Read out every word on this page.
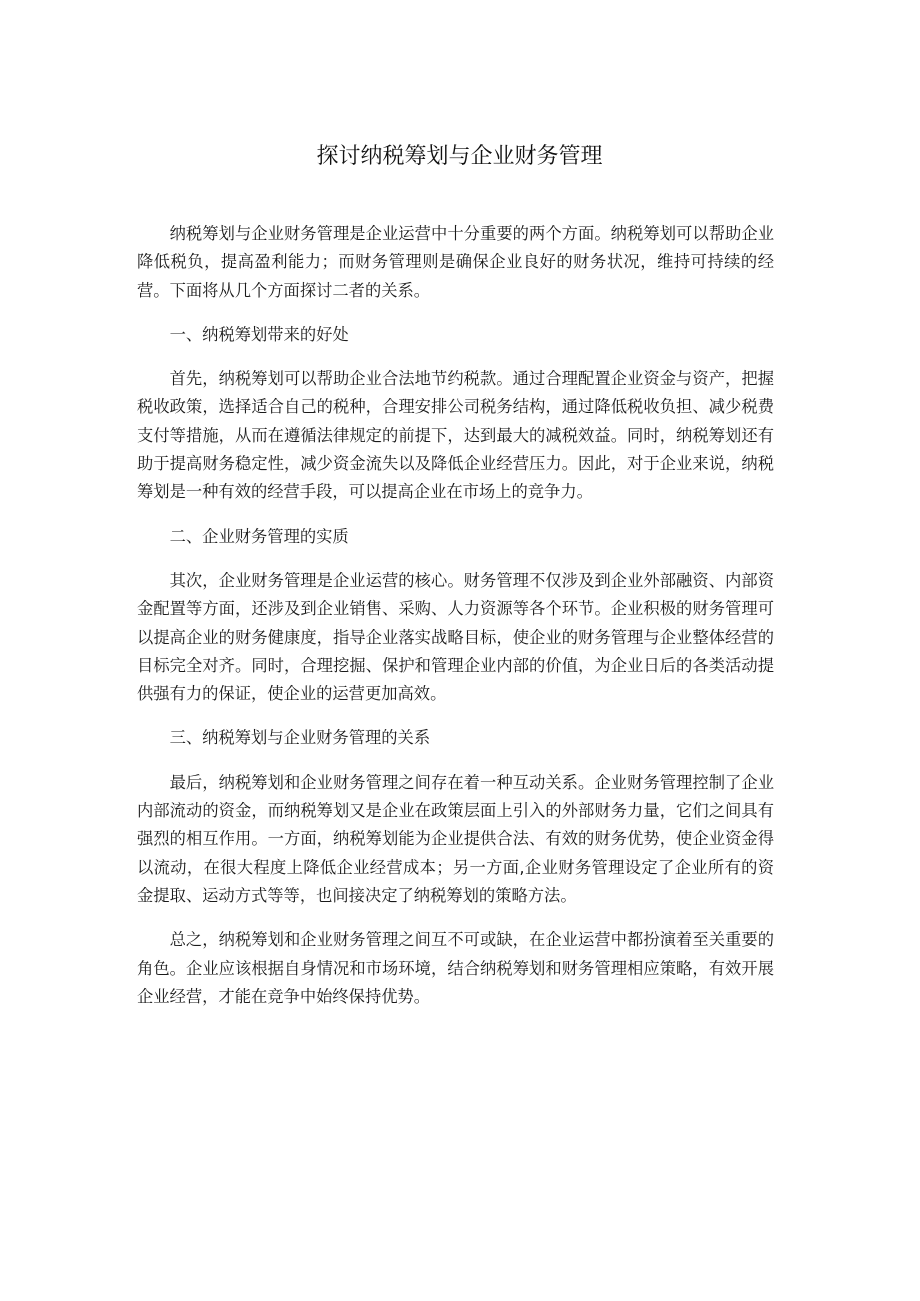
探讨纳税筹划与企业财务管理

纳税筹划与企业财务管理是企业运营中十分重要的两个方面。纳税筹划可以帮助企业降低税负，提高盈利能力；而财务管理则是确保企业良好的财务状况，维持可持续的经营。下面将从几个方面探讨二者的关系。

一、纳税筹划带来的好处

首先，纳税筹划可以帮助企业合法地节约税款。通过合理配置企业资金与资产，把握税收政策，选择适合自己的税种，合理安排公司税务结构，通过降低税收负担、减少税费支付等措施，从而在遵循法律规定的前提下，达到最大的减税效益。同时，纳税筹划还有助于提高财务稳定性，减少资金流失以及降低企业经营压力。因此，对于企业来说，纳税筹划是一种有效的经营手段，可以提高企业在市场上的竞争力。

二、企业财务管理的实质

其次，企业财务管理是企业运营的核心。财务管理不仅涉及到企业外部融资、内部资金配置等方面，还涉及到企业销售、采购、人力资源等各个环节。企业积极的财务管理可以提高企业的财务健康度，指导企业落实战略目标，使企业的财务管理与企业整体经营的目标完全对齐。同时，合理挖掘、保护和管理企业内部的价值，为企业日后的各类活动提供强有力的保证，使企业的运营更加高效。

三、纳税筹划与企业财务管理的关系

最后，纳税筹划和企业财务管理之间存在着一种互动关系。企业财务管理控制了企业内部流动的资金，而纳税筹划又是企业在政策层面上引入的外部财务力量，它们之间具有强烈的相互作用。一方面，纳税筹划能为企业提供合法、有效的财务优势，使企业资金得以流动，在很大程度上降低企业经营成本；另一方面,企业财务管理设定了企业所有的资金提取、运动方式等等，也间接决定了纳税筹划的策略方法。

总之，纳税筹划和企业财务管理之间互不可或缺，在企业运营中都扮演着至关重要的角色。企业应该根据自身情况和市场环境，结合纳税筹划和财务管理相应策略，有效开展企业经营，才能在竞争中始终保持优势。
